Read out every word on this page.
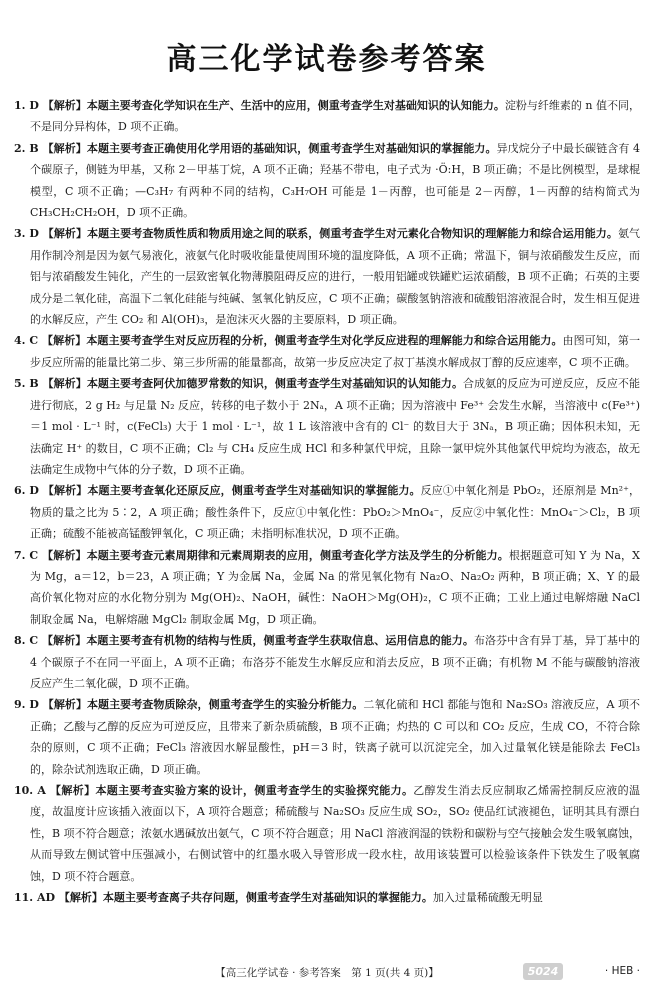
高三化学试卷参考答案

1. D 【解析】本题主要考查化学知识在生产、生活中的应用，侧重考查学生对基础知识的认知能力。淀粉与纤维素的 n 值不同，不是同分异构体，D 项不正确。

2. B 【解析】本题主要考查正确使用化学用语的基础知识，侧重考查学生对基础知识的掌握能力。异戊烷分子中最长碳链含有 4 个碳原子，侧链为甲基，又称 2－甲基丁烷，A 项不正确；羟基不带电，电子式为 ·Ö:H，B 项正确；不是比例模型，是球棍模型，C 项不正确；—C₃H₇ 有两种不同的结构，C₃H₇OH 可能是 1－丙醇，也可能是 2－丙醇，1－丙醇的结构简式为 CH₃CH₂CH₂OH，D 项不正确。

3. D 【解析】本题主要考查物质性质和物质用途之间的联系，侧重考查学生对元素化合物知识的理解能力和综合运用能力。氨气用作制冷剂是因为氨气易液化，液氨气化时吸收能量使周围环境的温度降低，A 项不正确；常温下，铜与浓硝酸发生反应，而铝与浓硝酸发生钝化，产生的一层致密氧化物薄膜阻碍反应的进行，一般用铝罐或铁罐贮运浓硝酸，B 项不正确；石英的主要成分是二氧化硅，高温下二氧化硅能与纯碱、氢氧化钠反应，C 项不正确；碳酸氢钠溶液和硫酸铝溶液混合时，发生相互促进的水解反应，产生 CO₂ 和 Al(OH)₃，是泡沫灭火器的主要原料，D 项正确。

4. C 【解析】本题主要考查学生对反应历程的分析，侧重考查学生对化学反应进程的理解能力和综合运用能力。由图可知，第一步反应所需的能量比第二步、第三步所需的能量都高，故第一步反应决定了叔丁基溴水解成叔丁醇的反应速率，C 项不正确。

5. B 【解析】本题主要考查阿伏加德罗常数的知识，侧重考查学生对基础知识的认知能力。合成氨的反应为可逆反应，反应不能进行彻底，2 g H₂ 与足量 N₂ 反应，转移的电子数小于 2Nₐ，A 项不正确；因为溶液中 Fe³⁺ 会发生水解，当溶液中 c(Fe³⁺)＝1 mol · L⁻¹ 时，c(FeCl₃) 大于 1 mol · L⁻¹，故 1 L 该溶液中含有的 Cl⁻ 的数目大于 3Nₐ，B 项正确；因体积未知，无法确定 H⁺ 的数目，C 项不正确；Cl₂ 与 CH₄ 反应生成 HCl 和多种氯代甲烷，且除一氯甲烷外其他氯代甲烷均为液态，故无法确定生成物中气体的分子数，D 项不正确。

6. D 【解析】本题主要考查氧化还原反应，侧重考查学生对基础知识的掌握能力。反应①中氧化剂是 PbO₂，还原剂是 Mn²⁺，物质的量之比为 5∶2，A 项正确；酸性条件下，反应①中氧化性：PbO₂＞MnO₄⁻，反应②中氧化性：MnO₄⁻＞Cl₂，B 项正确；硫酸不能被高锰酸钾氧化，C 项正确；未指明标准状况，D 项不正确。

7. C 【解析】本题主要考查元素周期律和元素周期表的应用，侧重考查化学方法及学生的分析能力。根据题意可知 Y 为 Na，X 为 Mg，a＝12，b＝23，A 项正确；Y 为金属 Na，金属 Na 的常见氧化物有 Na₂O、Na₂O₂ 两种，B 项正确；X、Y 的最高价氧化物对应的水化物分别为 Mg(OH)₂、NaOH，碱性：NaOH＞Mg(OH)₂，C 项不正确；工业上通过电解熔融 NaCl 制取金属 Na，电解熔融 MgCl₂ 制取金属 Mg，D 项正确。

8. C 【解析】本题主要考查有机物的结构与性质，侧重考查学生获取信息、运用信息的能力。布洛芬中含有异丁基，异丁基中的 4 个碳原子不在同一平面上，A 项不正确；布洛芬不能发生水解反应和消去反应，B 项不正确；有机物 M 不能与碳酸钠溶液反应产生二氧化碳，D 项不正确。

9. D 【解析】本题主要考查物质除杂，侧重考查学生的实验分析能力。二氧化硫和 HCl 都能与饱和 Na₂SO₃ 溶液反应，A 项不正确；乙酸与乙醇的反应为可逆反应，且带来了新杂质硫酸，B 项不正确；灼热的 C 可以和 CO₂ 反应，生成 CO，不符合除杂的原则，C 项不正确；FeCl₃ 溶液因水解显酸性，pH＝3 时，铁离子就可以沉淀完全，加入过量氧化镁是能除去 FeCl₃ 的，除杂试剂选取正确，D 项正确。

10. A 【解析】本题主要考查实验方案的设计，侧重考查学生的实验探究能力。乙醇发生消去反应制取乙烯需控制反应液的温度，故温度计应该插入液面以下，A 项符合题意；稀硫酸与 Na₂SO₃ 反应生成 SO₂，SO₂ 使品红试液褪色，证明其具有漂白性，B 项不符合题意；浓氨水遇碱放出氨气，C 项不符合题意；用 NaCl 溶液润湿的铁粉和碳粉与空气接触会发生吸氧腐蚀，从而导致左侧试管中压强减小，右侧试管中的红墨水吸入导管形成一段水柱，故用该装置可以检验该条件下铁发生了吸氧腐蚀，D 项不符合题意。

11. AD 【解析】本题主要考查离子共存问题，侧重考查学生对基础知识的掌握能力。加入过量稀硫酸无明显

【高三化学试卷 · 参考答案　第 1 页(共 4 页)】	5024	· HEB ·
